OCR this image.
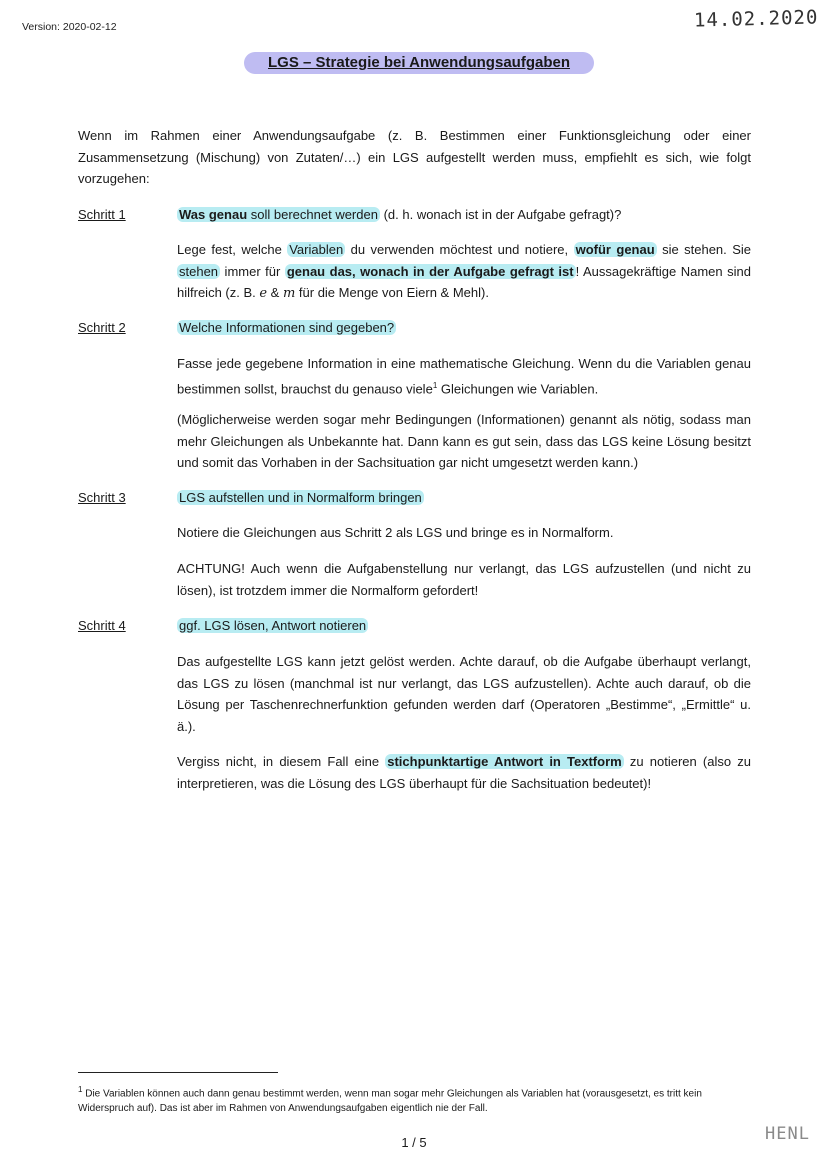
Version: 2020-02-12	14.02.2020
LGS – Strategie bei Anwendungsaufgaben
Wenn im Rahmen einer Anwendungsaufgabe (z. B. Bestimmen einer Funktionsgleichung oder einer Zusammensetzung (Mischung) von Zutaten/…) ein LGS aufgestellt werden muss, empfiehlt es sich, wie folgt vorzugehen:
Schritt 1	Was genau soll berechnet werden (d. h. wonach ist in der Aufgabe gefragt)?
Lege fest, welche Variablen du verwenden möchtest und notiere, wofür genau sie stehen. Sie stehen immer für genau das, wonach in der Aufgabe gefragt ist ! Aussagekräftige Namen sind hilfreich (z. B. e & m für die Menge von Eiern & Mehl).
Schritt 2	Welche Informationen sind gegeben?
Fasse jede gegebene Information in eine mathematische Gleichung. Wenn du die Variablen genau bestimmen sollst, brauchst du genauso viele$^1$ Gleichungen wie Variablen.
(Möglicherweise werden sogar mehr Bedingungen (Informationen) genannt als nötig, sodass man mehr Gleichungen als Unbekannte hat. Dann kann es gut sein, dass das LGS keine Lösung besitzt und somit das Vorhaben in der Sachsituation gar nicht umgesetzt werden kann.)
Schritt 3	LGS aufstellen und in Normalform bringen
Notiere die Gleichungen aus Schritt 2 als LGS und bringe es in Normalform.
ACHTUNG! Auch wenn die Aufgabenstellung nur verlangt, das LGS aufzustellen (und nicht zu lösen), ist trotzdem immer die Normalform gefordert!
Schritt 4	ggf. LGS lösen, Antwort notieren
Das aufgestellte LGS kann jetzt gelöst werden. Achte darauf, ob die Aufgabe überhaupt verlangt, das LGS zu lösen (manchmal ist nur verlangt, das LGS aufzustellen). Achte auch darauf, ob die Lösung per Taschenrechnerfunktion gefunden werden darf (Operatoren „Bestimme“, „Ermittle“ u. ä.).
Vergiss nicht, in diesem Fall eine stichpunktartige Antwort in Textform zu notieren (also zu interpretieren, was die Lösung des LGS überhaupt für die Sachsituation bedeutet)!
$^1$ Die Variablen können auch dann genau bestimmt werden, wenn man sogar mehr Gleichungen als Variablen hat (vorausgesetzt, es tritt kein Widerspruch auf). Das ist aber im Rahmen von Anwendungsaufgaben eigentlich nie der Fall.
1 / 5	HENL
